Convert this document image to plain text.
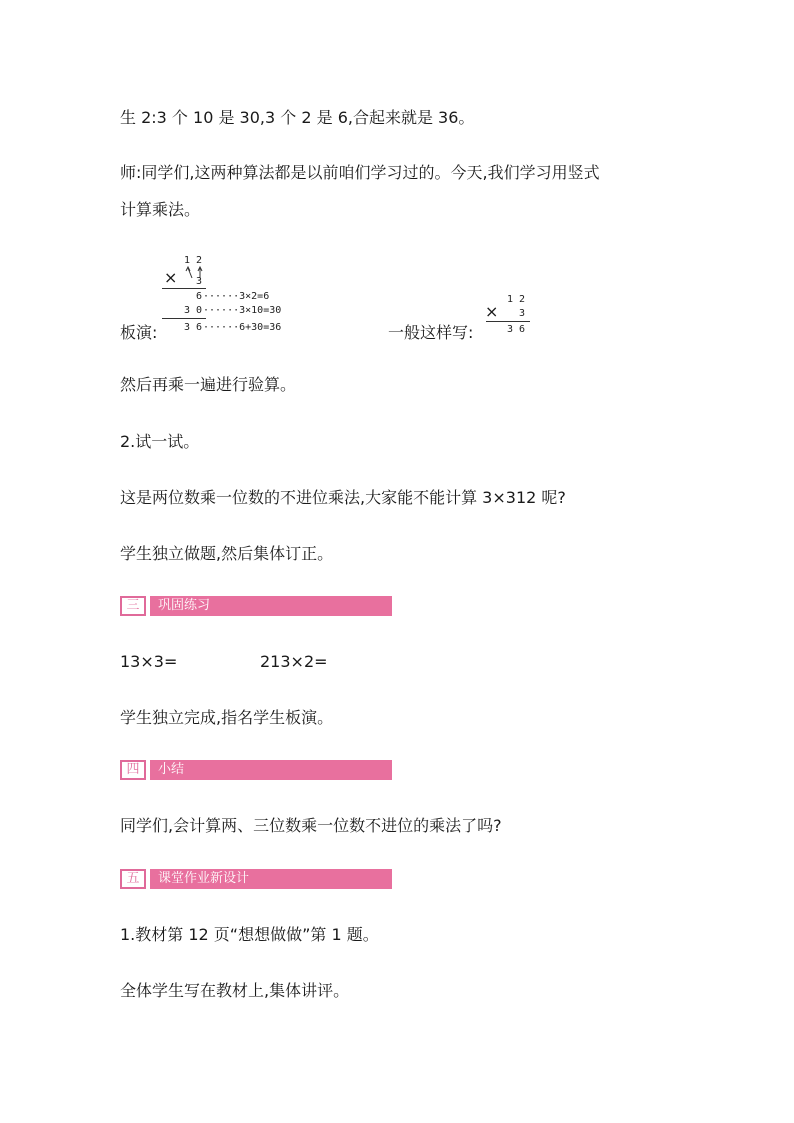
生 2:3 个 10 是 30,3 个 2 是 6,合起来就是 36。
师:同学们,这两种算法都是以前咱们学习过的。今天,我们学习用竖式
计算乘法。
板演:
1 2
× 3
6 ······3×2=6
3 0 ······3×10=30
3 6 ······6+30=36	一般这样写:
1 2
× 3
3 6
然后再乘一遍进行验算。
2.试一试。
这是两位数乘一位数的不进位乘法,大家能不能计算 3×312 呢?
学生独立做题,然后集体订正。
三	巩固练习
13×3=	213×2=
学生独立完成,指名学生板演。
四	小结
同学们,会计算两、三位数乘一位数不进位的乘法了吗?
五	课堂作业新设计
1.教材第 12 页“想想做做”第 1 题。
全体学生写在教材上,集体讲评。
